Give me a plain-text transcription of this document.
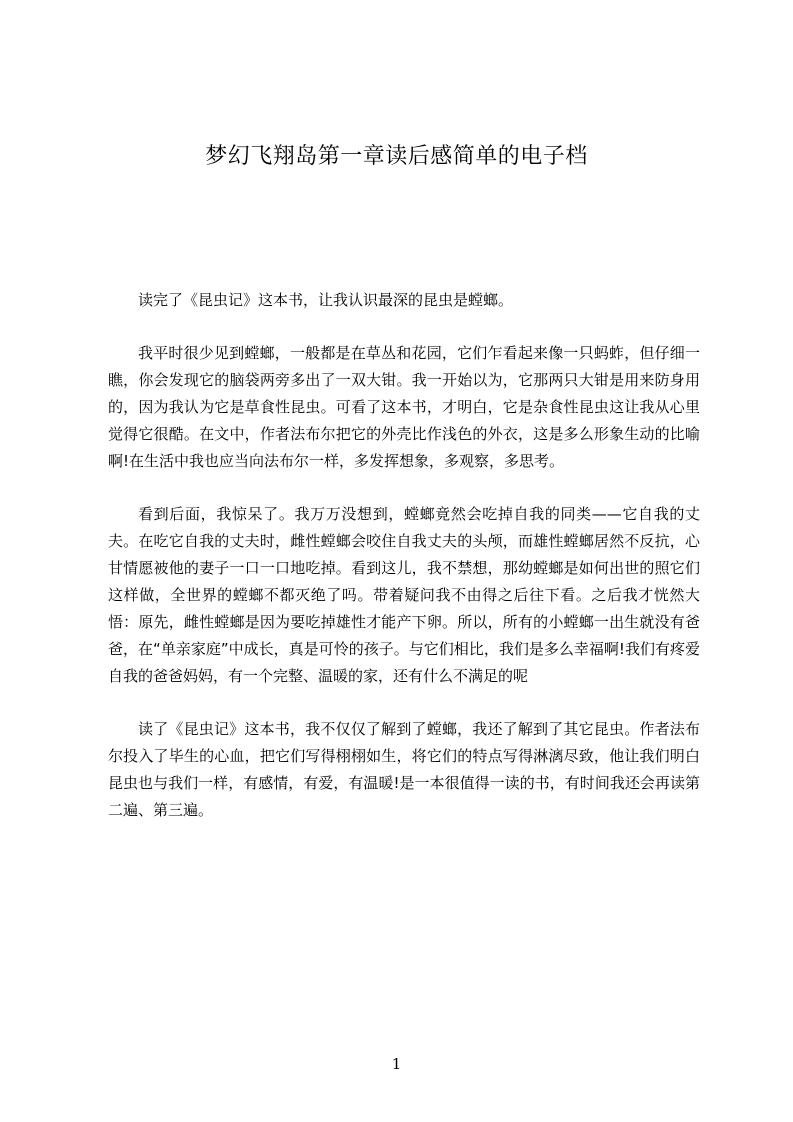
梦幻飞翔岛第一章读后感简单的电子档

读完了《昆虫记》这本书，让我认识最深的昆虫是螳螂。

我平时很少见到螳螂，一般都是在草丛和花园，它们乍看起来像一只蚂蚱，但仔细一瞧，你会发现它的脑袋两旁多出了一双大钳。我一开始以为，它那两只大钳是用来防身用的，因为我认为它是草食性昆虫。可看了这本书，才明白，它是杂食性昆虫这让我从心里觉得它很酷。在文中，作者法布尔把它的外壳比作浅色的外衣，这是多么形象生动的比喻啊!在生活中我也应当向法布尔一样，多发挥想象，多观察，多思考。

看到后面，我惊呆了。我万万没想到，螳螂竟然会吃掉自我的同类——它自我的丈夫。在吃它自我的丈夫时，雌性螳螂会咬住自我丈夫的头颅，而雄性螳螂居然不反抗，心甘情愿被他的妻子一口一口地吃掉。看到这儿，我不禁想，那幼螳螂是如何出世的照它们这样做，全世界的螳螂不都灭绝了吗。带着疑问我不由得之后往下看。之后我才恍然大悟：原先，雌性螳螂是因为要吃掉雄性才能产下卵。所以，所有的小螳螂一出生就没有爸爸，在“单亲家庭”中成长，真是可怜的孩子。与它们相比，我们是多么幸福啊!我们有疼爱自我的爸爸妈妈，有一个完整、温暖的家，还有什么不满足的呢

读了《昆虫记》这本书，我不仅仅了解到了螳螂，我还了解到了其它昆虫。作者法布尔投入了毕生的心血，把它们写得栩栩如生，将它们的特点写得淋漓尽致，他让我们明白昆虫也与我们一样，有感情，有爱，有温暖!是一本很值得一读的书，有时间我还会再读第二遍、第三遍。

1
